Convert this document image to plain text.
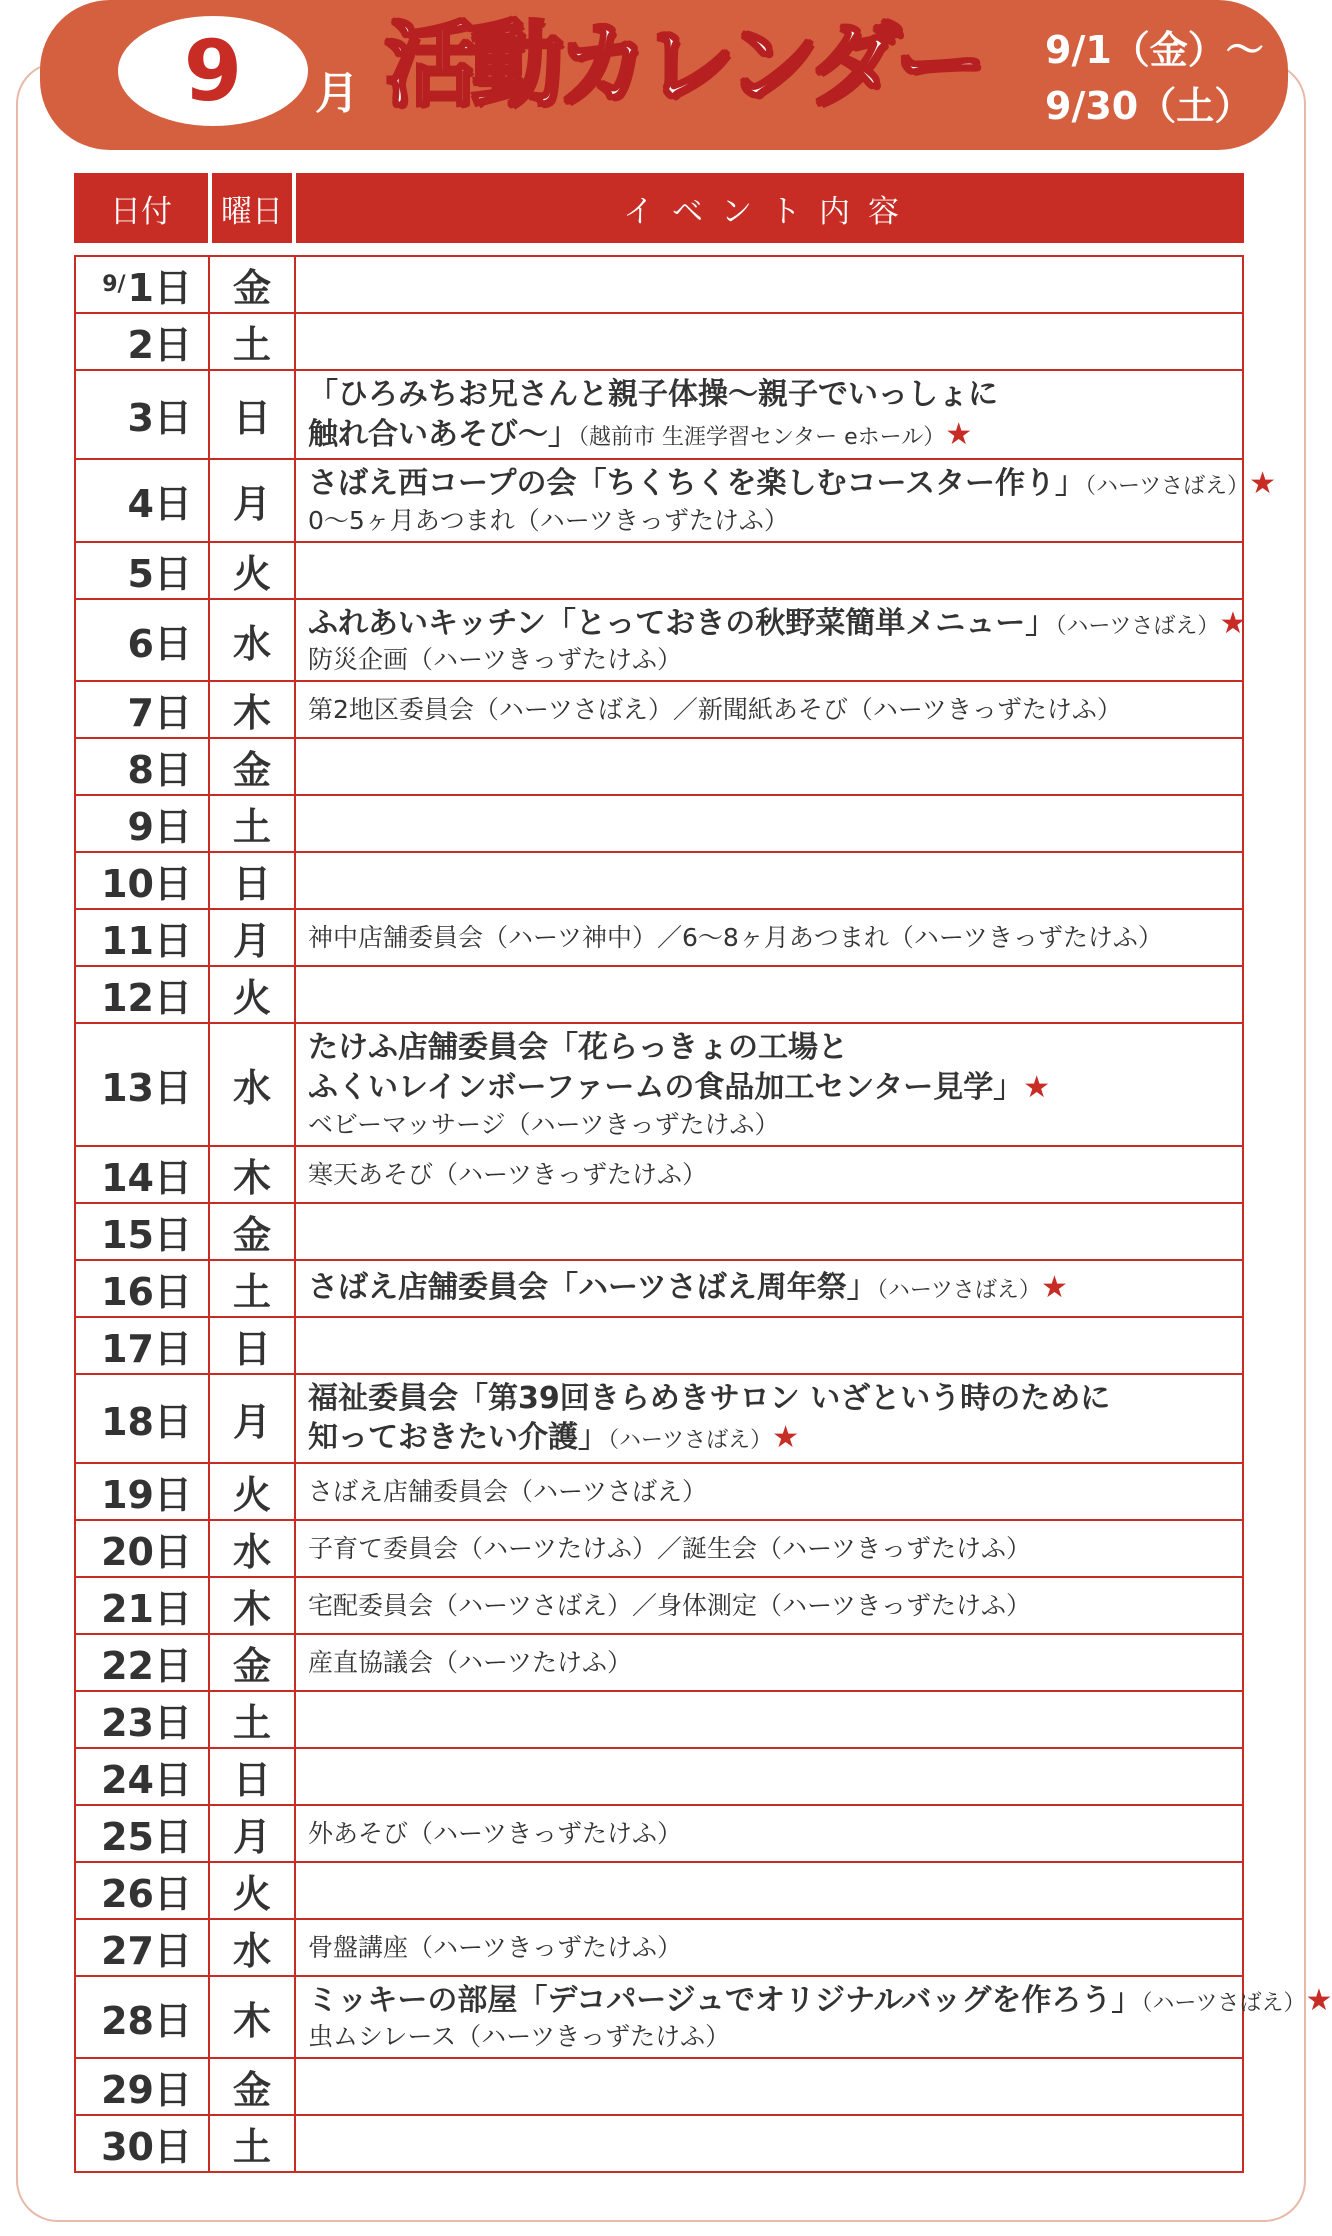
9 月 活動カレンダー 9/1（金）〜
9/30（土）
日付	曜日	イベント内容
$^{9/}$1日	金	
2日	土	
3日	日	「ひろみちお兄さんと親子体操〜親子でいっしょに
触れ合いあそび〜」（越前市 生涯学習センター eホール）★

4日	月	さばえ西コープの会「ちくちくを楽しむコースター作り」（ハーツさばえ）★
0〜5ヶ月あつまれ（ハーツきっずたけふ）

5日	火	
6日	水	ふれあいキッチン「とっておきの秋野菜簡単メニュー」（ハーツさばえ）★
防災企画（ハーツきっずたけふ）

7日	木	第2地区委員会（ハーツさばえ）／新聞紙あそび（ハーツきっずたけふ）

8日	金	
9日	土	
10日	日	
11日	月	神中店舗委員会（ハーツ神中）／6〜8ヶ月あつまれ（ハーツきっずたけふ）

12日	火	
13日	水	たけふ店舗委員会「花らっきょの工場と
ふくいレインボーファームの食品加工センター見学」★
ベビーマッサージ（ハーツきっずたけふ）

14日	木	寒天あそび（ハーツきっずたけふ）

15日	金	
16日	土	さばえ店舗委員会「ハーツさばえ周年祭」（ハーツさばえ）★

17日	日	
18日	月	福祉委員会「第39回きらめきサロン いざという時のために
知っておきたい介護」（ハーツさばえ）★

19日	火	さばえ店舗委員会（ハーツさばえ）

20日	水	子育て委員会（ハーツたけふ）／誕生会（ハーツきっずたけふ）

21日	木	宅配委員会（ハーツさばえ）／身体測定（ハーツきっずたけふ）

22日	金	産直協議会（ハーツたけふ）

23日	土	
24日	日	
25日	月	外あそび（ハーツきっずたけふ）

26日	火	
27日	水	骨盤講座（ハーツきっずたけふ）

28日	木	ミッキーの部屋「デコパージュでオリジナルバッグを作ろう」（ハーツさばえ）★
虫ムシレース（ハーツきっずたけふ）

29日	金	
30日	土	
